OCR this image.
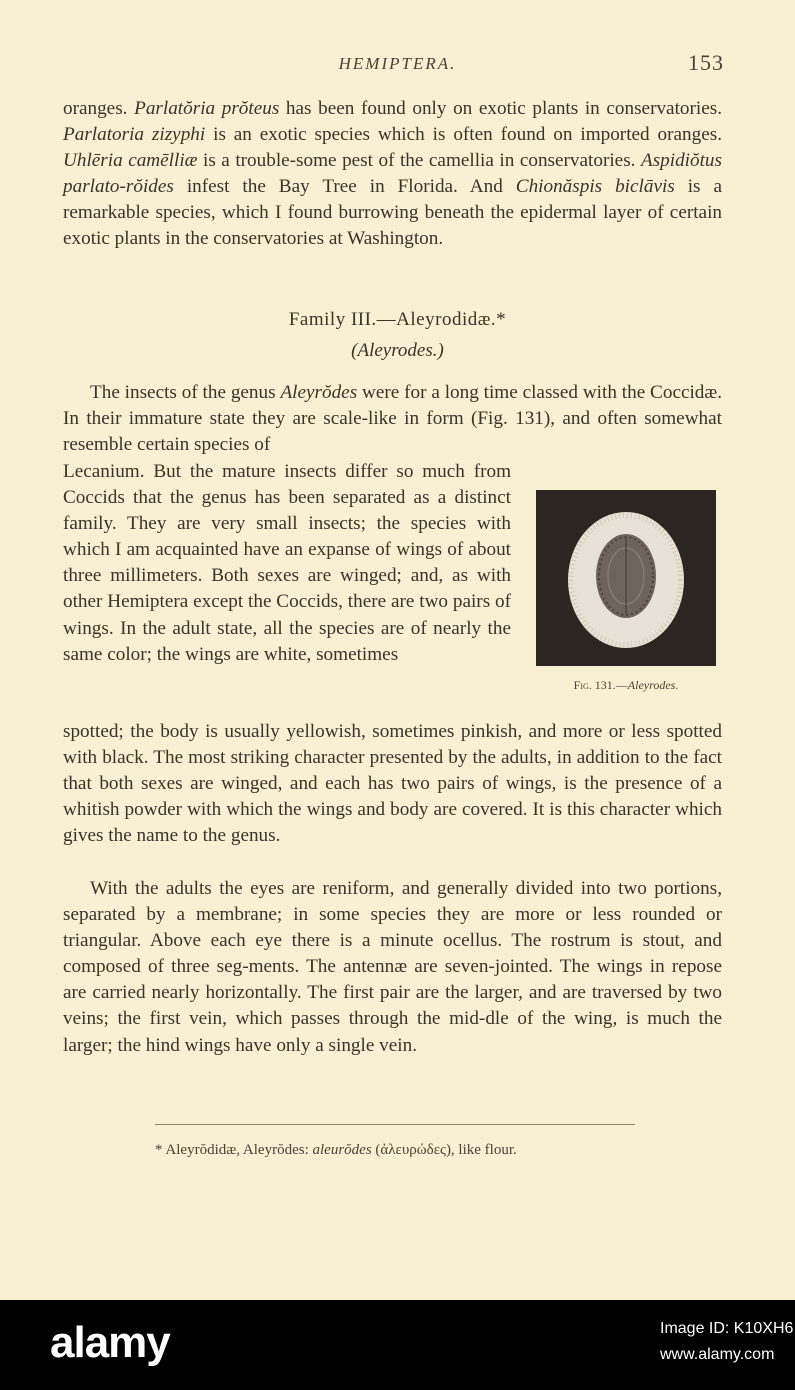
HEMIPTERA.	153

oranges. Parlatŏria prŏteus has been found only on exotic plants in conservatories. Parlatoria zizyphi is an exotic species which is often found on imported oranges. Uhlēria camēlliæ is a trouble-some pest of the camellia in conservatories. Aspidiŏtus parlato-rŏides infest the Bay Tree in Florida. And Chionăspis biclāvis is a remarkable species, which I found burrowing beneath the epidermal layer of certain exotic plants in the conservatories at Washington.

Family III.—Aleyrodidæ.*
(Aleyrodes.)
The insects of the genus Aleyrŏdes were for a long time classed with the Coccidæ. In their immature state they are scale-like in form (Fig. 131), and often somewhat resemble certain species of
Lecanium. But the mature insects differ so much from Coccids that the genus has been separated as a distinct family. They are very small insects; the species with which I am acquainted have an expanse of wings of about three millimeters. Both sexes are winged; and, as with other Hemiptera except the Coccids, there are two pairs of wings. In the adult state, all the species are of nearly the same color; the wings are white, sometimes
spotted; the body is usually yellowish, sometimes pinkish, and more or less spotted with black. The most striking character presented by the adults, in addition to the fact that both sexes are winged, and each has two pairs of wings, is the presence of a whitish powder with which the wings and body are covered. It is this character which gives the name to the genus.
Fig. 131.—Aleyrodes.
With the adults the eyes are reniform, and generally divided into two portions, separated by a membrane; in some species they are more or less rounded or triangular. Above each eye there is a minute ocellus. The rostrum is stout, and composed of three seg-ments. The antennæ are seven-jointed. The wings in repose are carried nearly horizontally. The first pair are the larger, and are traversed by two veins; the first vein, which passes through the mid-dle of the wing, is much the larger; the hind wings have only a single vein.
* Aleyrŏdidæ, Aleyrŏdes: aleurŏdes (ἀλευρώδες), like flour.
alamy	Image ID: K10XH6
www.alamy.com
